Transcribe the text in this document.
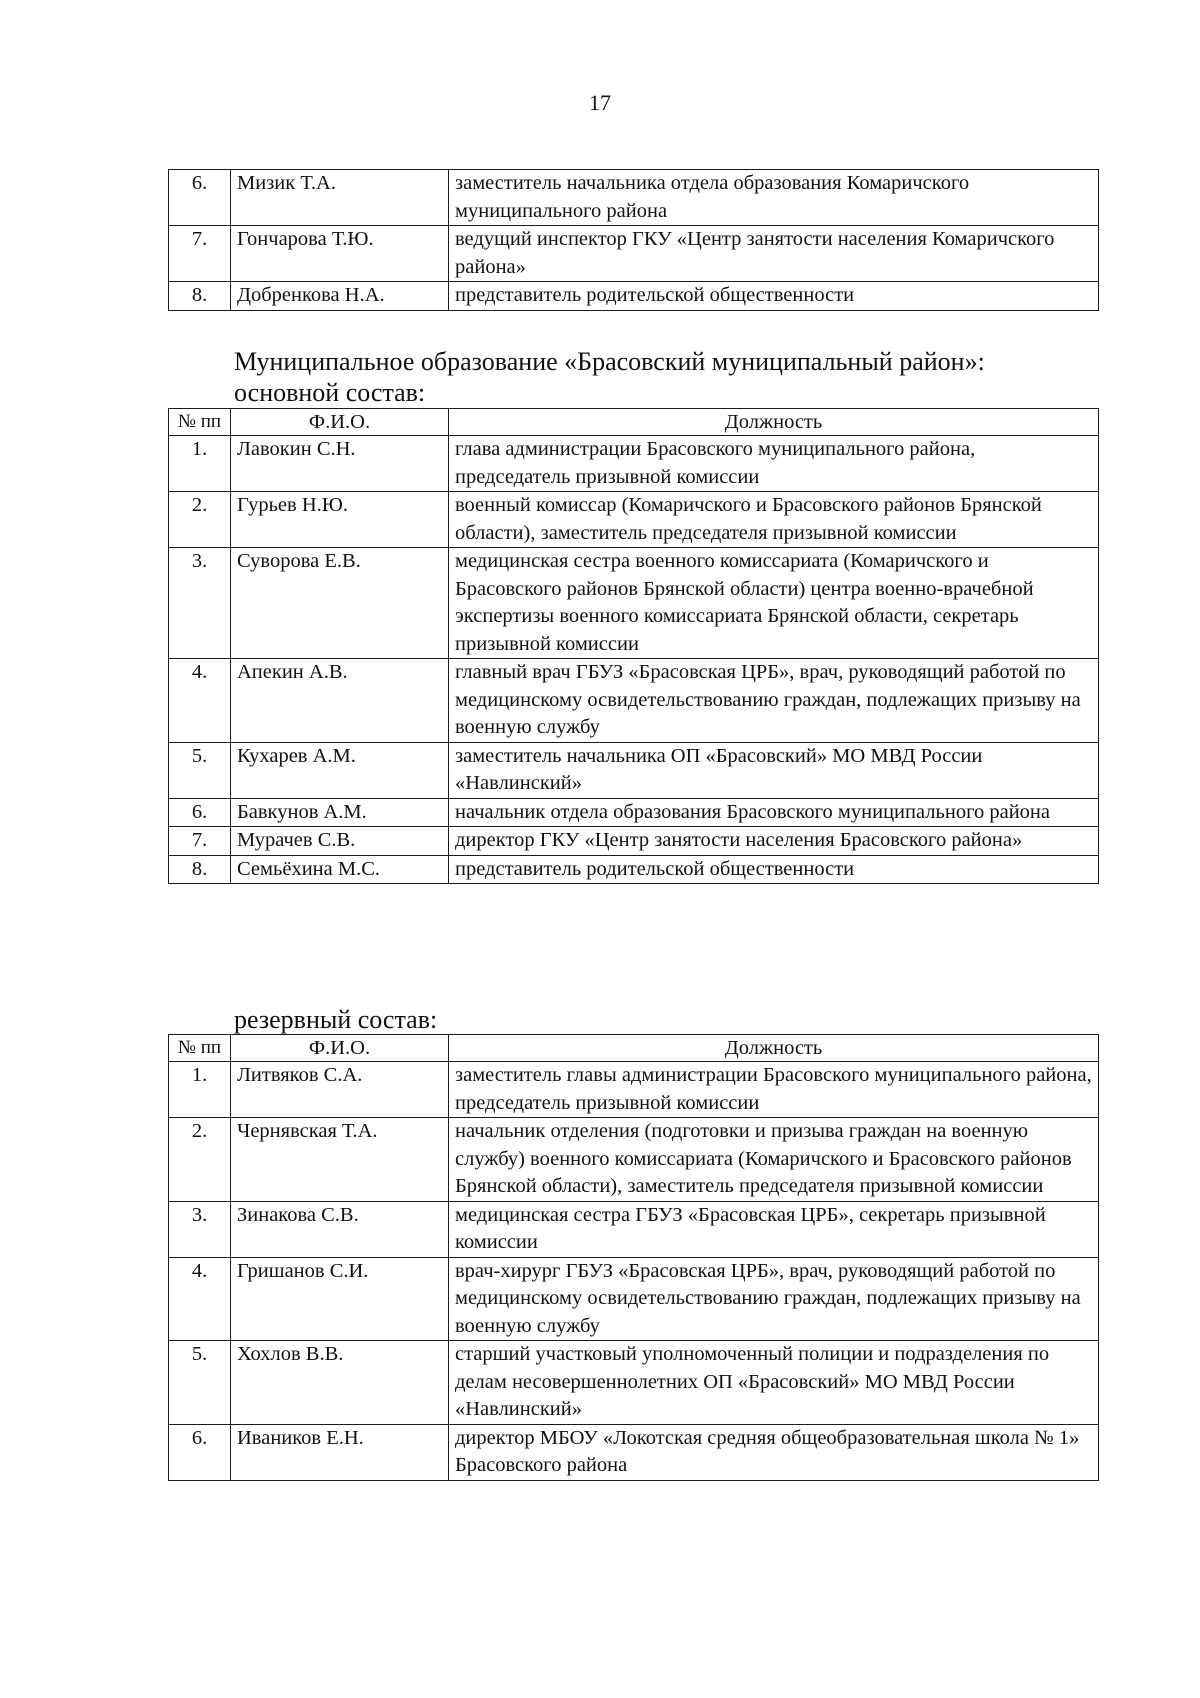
17
6.	Мизик Т.А.	заместитель начальника отдела образования Комаричского муниципального района
7.	Гончарова Т.Ю.	ведущий инспектор ГКУ «Центр занятости населения Комаричского района»
8.	Добренкова Н.А.	представитель родительской общественности
Муниципальное образование «Брасовский муниципальный район»:
основной состав:
№ пп	Ф.И.О.	Должность
1.	Лавокин С.Н.	глава администрации Брасовского муниципального района, председатель призывной комиссии
2.	Гурьев Н.Ю.	военный комиссар (Комаричского и Брасовского районов Брянской области), заместитель председателя призывной комиссии
3.	Суворова Е.В.	медицинская сестра военного комиссариата (Комаричского и Брасовского районов Брянской области) центра военно-врачебной экспертизы военного комиссариата Брянской области, секретарь призывной комиссии
4.	Апекин А.В.	главный врач ГБУЗ «Брасовская ЦРБ», врач, руководящий работой по медицинскому освидетельствованию граждан, подлежащих призыву на военную службу
5.	Кухарев А.М.	заместитель начальника ОП «Брасовский» МО МВД России «Навлинский»
6.	Бавкунов А.М.	начальник отдела образования Брасовского муниципального района
7.	Мурачев С.В.	директор ГКУ «Центр занятости населения Брасовского района»
8.	Семьёхина М.С.	представитель родительской общественности
резервный состав:
№ пп	Ф.И.О.	Должность
1.	Литвяков С.А.	заместитель главы администрации Брасовского муниципального района, председатель призывной комиссии
2.	Чернявская Т.А.	начальник отделения (подготовки и призыва граждан на военную службу) военного комиссариата (Комаричского и Брасовского районов Брянской области), заместитель председателя призывной комиссии
3.	Зинакова С.В.	медицинская сестра ГБУЗ «Брасовская ЦРБ», секретарь призывной комиссии
4.	Гришанов С.И.	врач-хирург ГБУЗ «Брасовская ЦРБ», врач, руководящий работой по медицинскому освидетельствованию граждан, подлежащих призыву на военную службу
5.	Хохлов В.В.	старший участковый уполномоченный полиции и подразделения по делам несовершеннолетних ОП «Брасовский» МО МВД России «Навлинский»
6.	Иваников Е.Н.	директор МБОУ «Локотская средняя общеобразовательная школа № 1» Брасовского района
